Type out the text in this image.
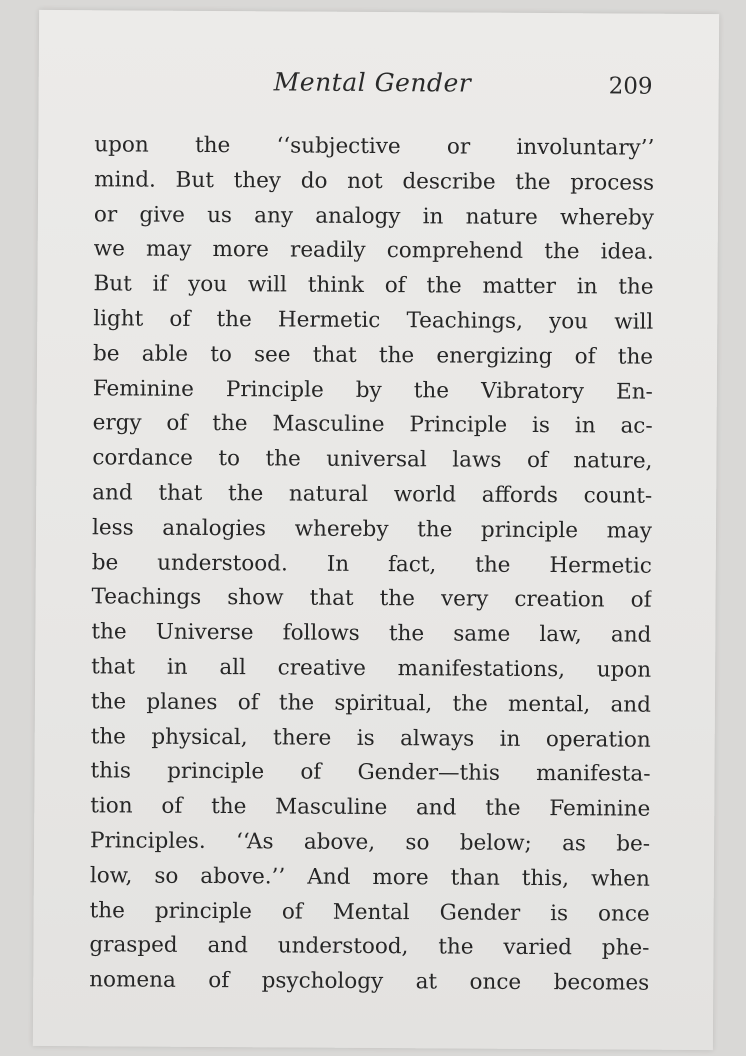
Mental Gender	209
upon the ‘‘subjective or involuntary’’
mind. But they do not describe the process
or give us any analogy in nature whereby
we may more readily comprehend the idea.
But if you will think of the matter in the
light of the Hermetic Teachings, you will
be able to see that the energizing of the
Feminine Principle by the Vibratory En-
ergy of the Masculine Principle is in ac-
cordance to the universal laws of nature,
and that the natural world affords count-
less analogies whereby the principle may
be understood. In fact, the Hermetic
Teachings show that the very creation of
the Universe follows the same law, and
that in all creative manifestations, upon
the planes of the spiritual, the mental, and
the physical, there is always in operation
this principle of Gender—this manifesta-
tion of the Masculine and the Feminine
Principles. ‘‘As above, so below; as be-
low, so above.’’ And more than this, when
the principle of Mental Gender is once
grasped and understood, the varied phe-
nomena of psychology at once becomes
